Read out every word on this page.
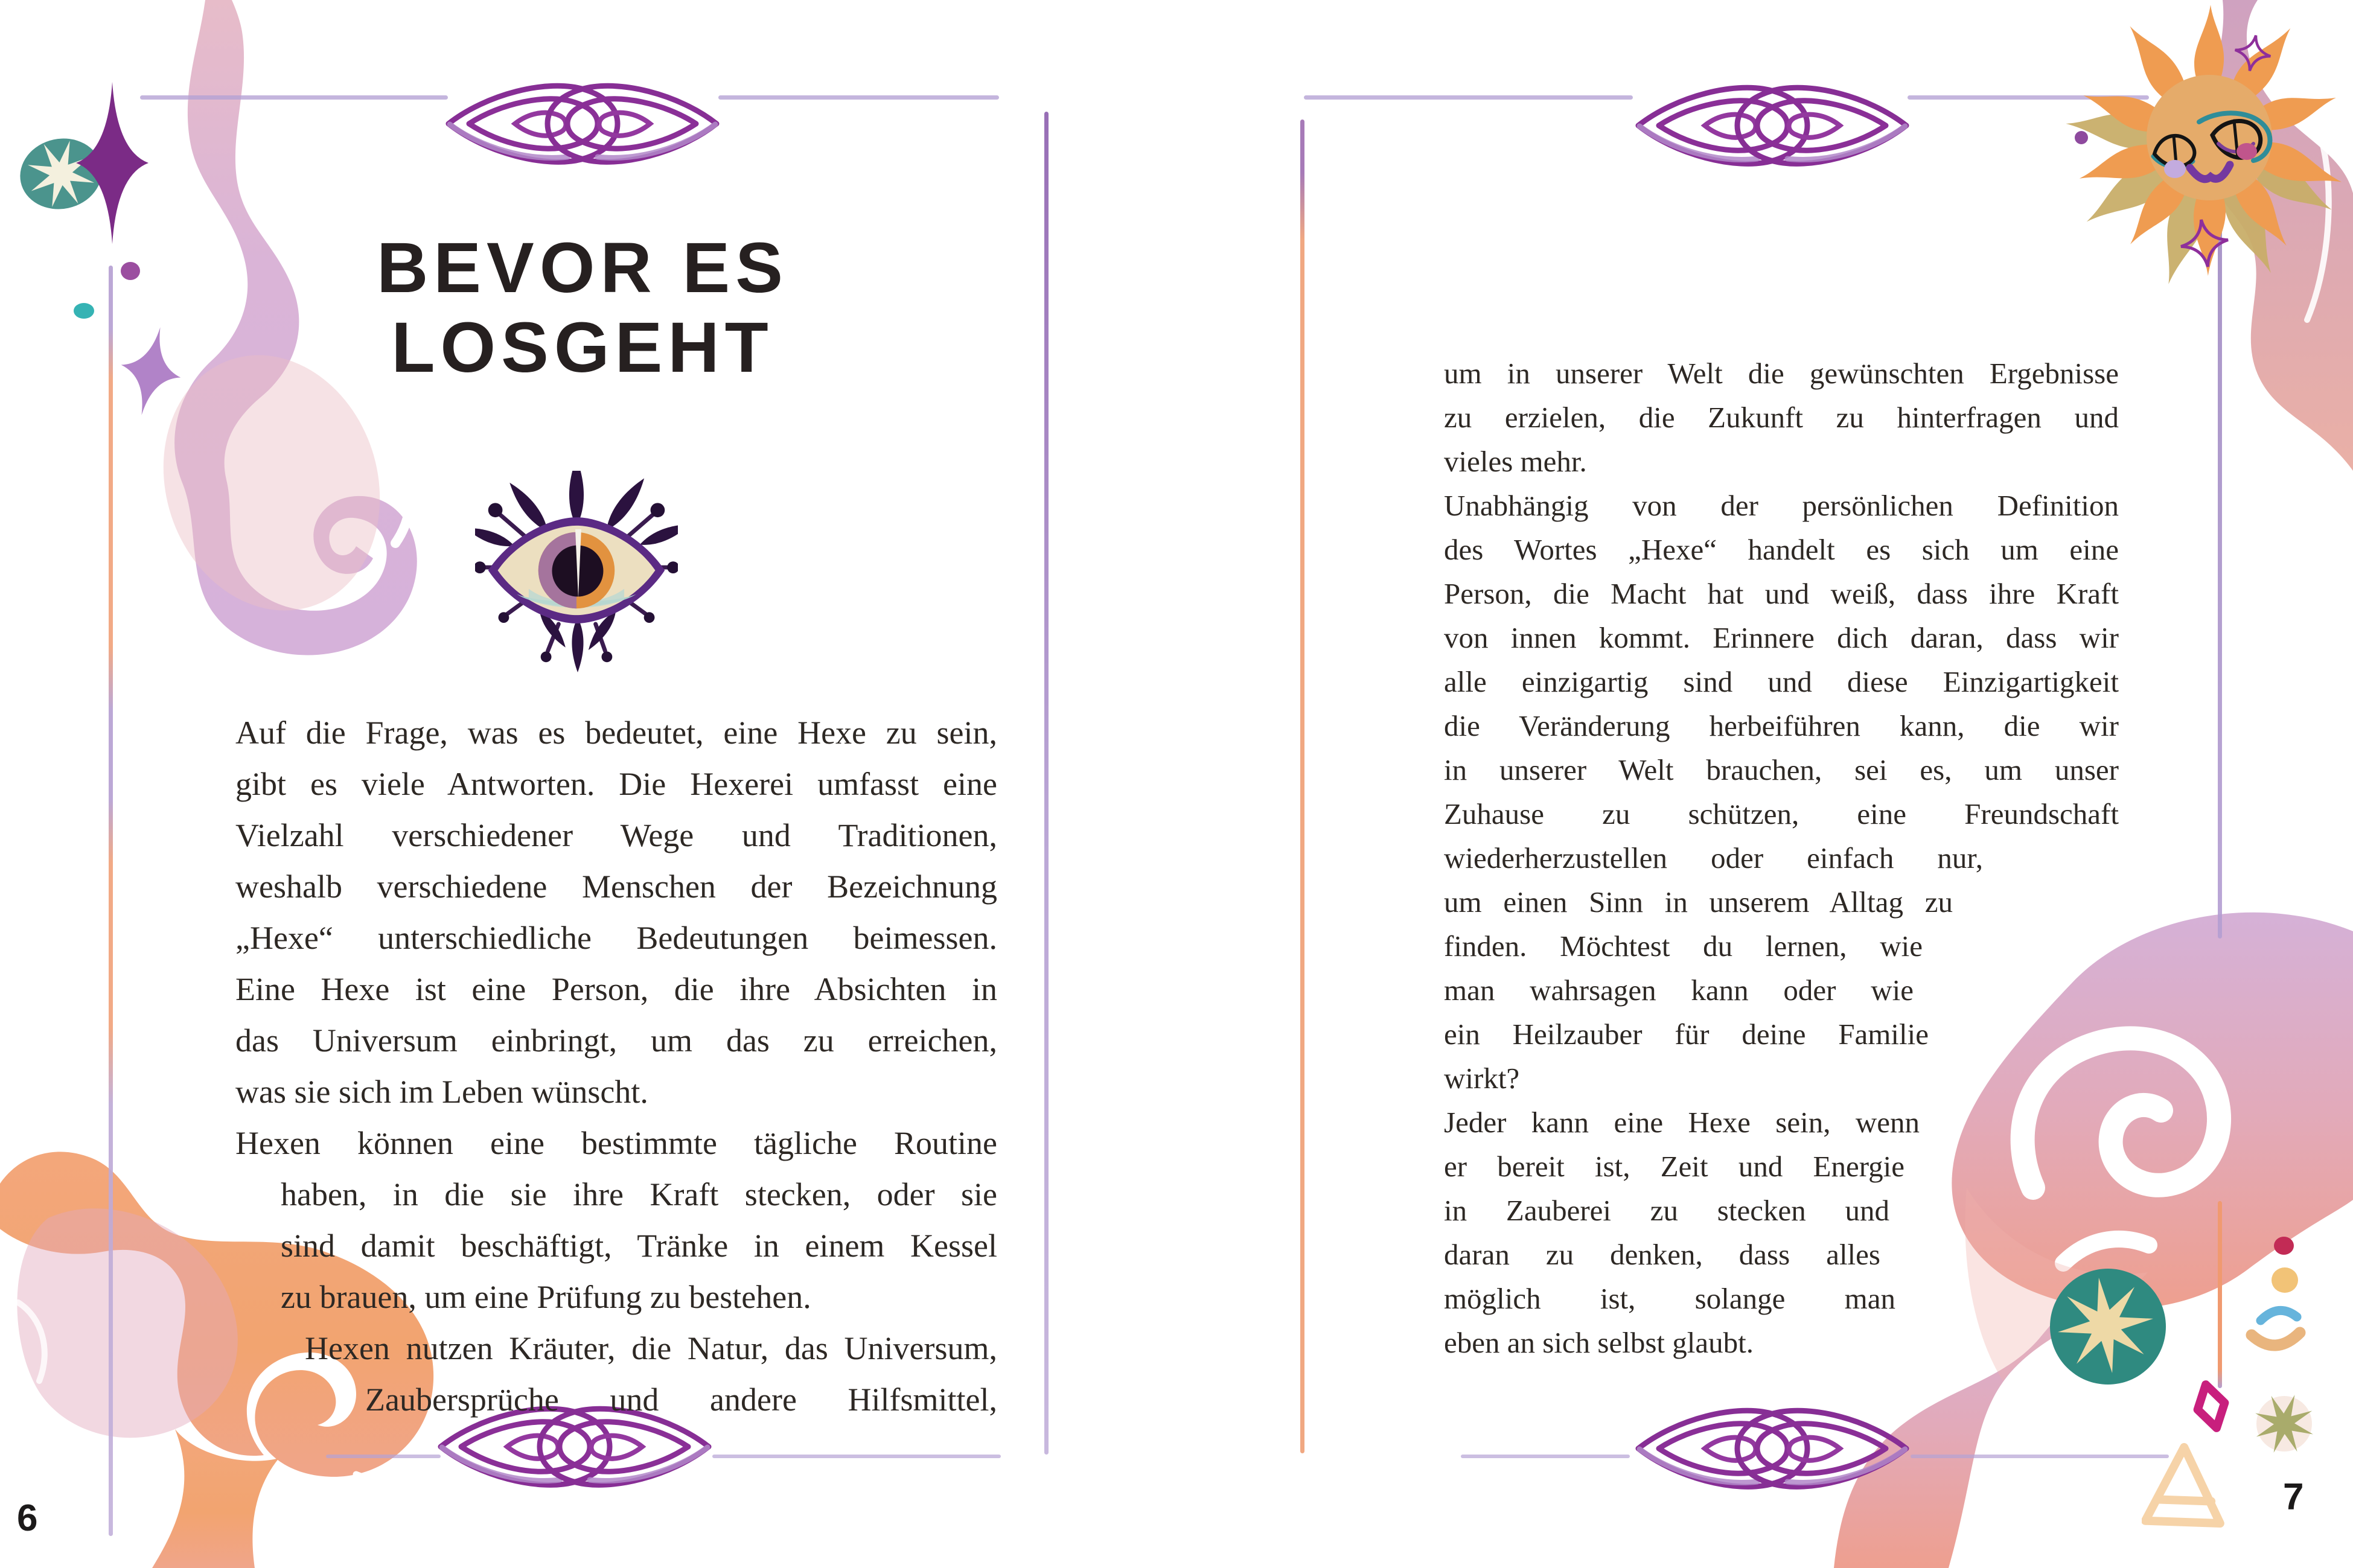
BEVOR ES
LOSGEHT
Auf die Frage, was es bedeutet, eine Hexe zu sein,
gibt es viele Antworten. Die Hexerei umfasst eine
Vielzahl verschiedener Wege und Traditionen,
weshalb verschiedene Menschen der Bezeichnung
„Hexe“ unterschiedliche Bedeutungen beimessen.
Eine Hexe ist eine Person, die ihre Absichten in
das Universum einbringt, um das zu erreichen,
was sie sich im Leben wünscht.
Hexen können eine bestimmte tägliche Routine
haben, in die sie ihre Kraft stecken, oder sie
sind damit beschäftigt, Tränke in einem Kessel
zu brauen, um eine Prüfung zu bestehen.
Hexen nutzen Kräuter, die Natur, das Universum,
Zaubersprüche und andere Hilfsmittel,
um in unserer Welt die gewünschten Ergebnisse
zu erzielen, die Zukunft zu hinterfragen und
vieles mehr.
Unabhängig von der persönlichen Definition
des Wortes „Hexe“ handelt es sich um eine
Person, die Macht hat und weiß, dass ihre Kraft
von innen kommt. Erinnere dich daran, dass wir
alle einzigartig sind und diese Einzigartigkeit
die Veränderung herbeiführen kann, die wir
in unserer Welt brauchen, sei es, um unser
Zuhause zu schützen, eine Freundschaft
wiederherzustellen oder einfach nur,
um einen Sinn in unserem Alltag zu
finden. Möchtest du lernen, wie
man wahrsagen kann oder wie
ein Heilzauber für deine Familie
wirkt?
Jeder kann eine Hexe sein, wenn
er bereit ist, Zeit und Energie
in Zauberei zu stecken und
daran zu denken, dass alles
möglich ist, solange man
eben an sich selbst glaubt.
6
7
